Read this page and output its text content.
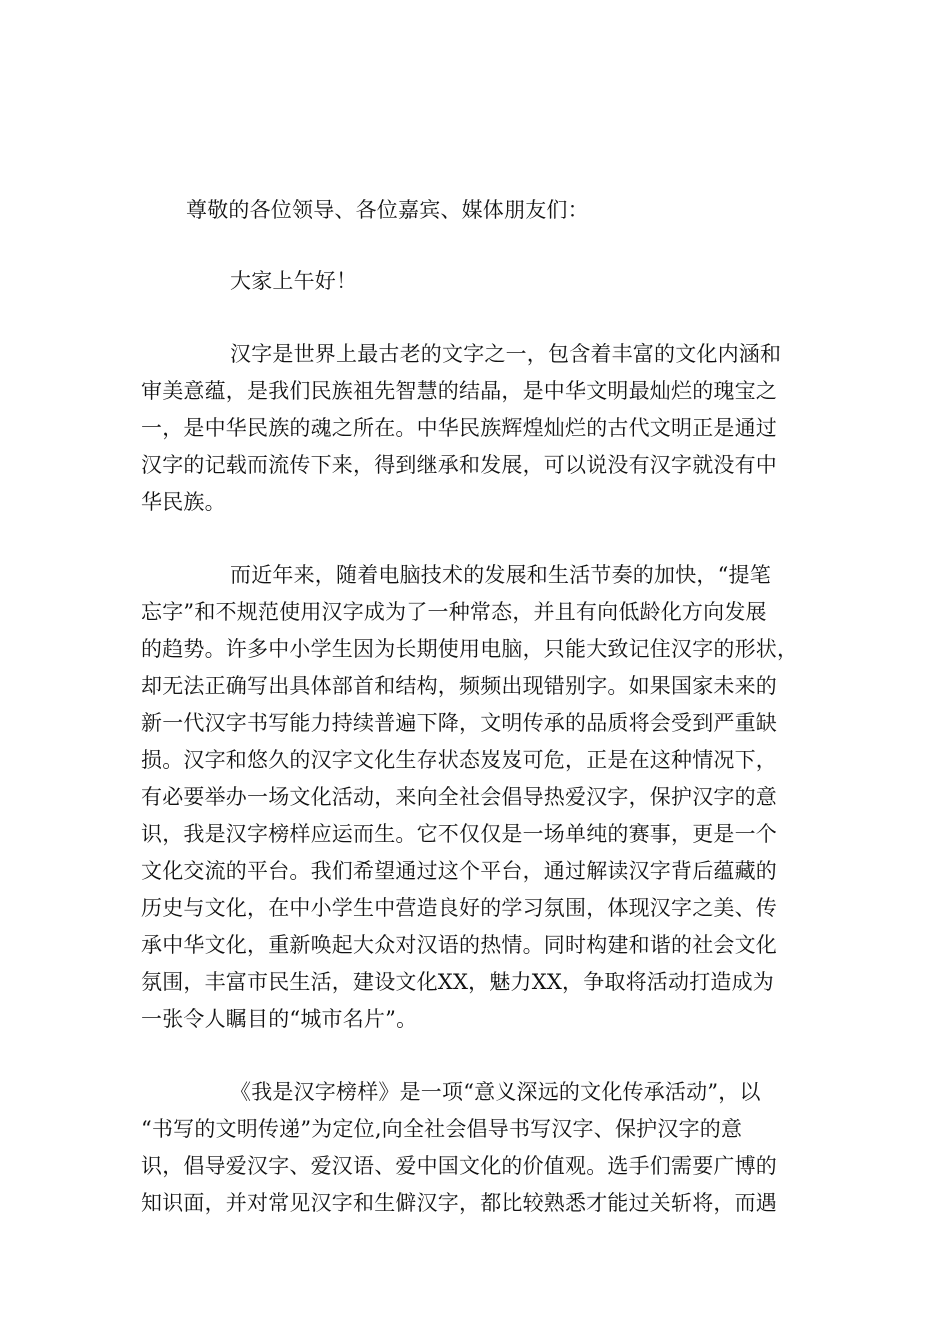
尊敬的各位领导、各位嘉宾、媒体朋友们：

大家上午好！

汉字是世界上最古老的文字之一，包含着丰富的文化内涵和

审美意蕴，是我们民族祖先智慧的结晶，是中华文明最灿烂的瑰宝之

一，是中华民族的魂之所在。中华民族辉煌灿烂的古代文明正是通过

汉字的记载而流传下来，得到继承和发展，可以说没有汉字就没有中

华民族。

而近年来，随着电脑技术的发展和生活节奏的加快，“提笔

忘字”和不规范使用汉字成为了一种常态，并且有向低龄化方向发展

的趋势。许多中小学生因为长期使用电脑，只能大致记住汉字的形状，

却无法正确写出具体部首和结构，频频出现错别字。如果国家未来的

新一代汉字书写能力持续普遍下降，文明传承的品质将会受到严重缺

损。汉字和悠久的汉字文化生存状态岌岌可危，正是在这种情况下，

有必要举办一场文化活动，来向全社会倡导热爱汉字，保护汉字的意

识，我是汉字榜样应运而生。它不仅仅是一场单纯的赛事，更是一个

文化交流的平台。我们希望通过这个平台，通过解读汉字背后蕴藏的

历史与文化，在中小学生中营造良好的学习氛围，体现汉字之美、传

承中华文化，重新唤起大众对汉语的热情。同时构建和谐的社会文化

氛围，丰富市民生活，建设文化XX，魅力XX，争取将活动打造成为

一张令人瞩目的“城市名片”。

《我是汉字榜样》是一项“意义深远的文化传承活动”，以

“书写的文明传递”为定位,向全社会倡导书写汉字、保护汉字的意

识，倡导爱汉字、爱汉语、爱中国文化的价值观。选手们需要广博的

知识面，并对常见汉字和生僻汉字，都比较熟悉才能过关斩将，而遇
